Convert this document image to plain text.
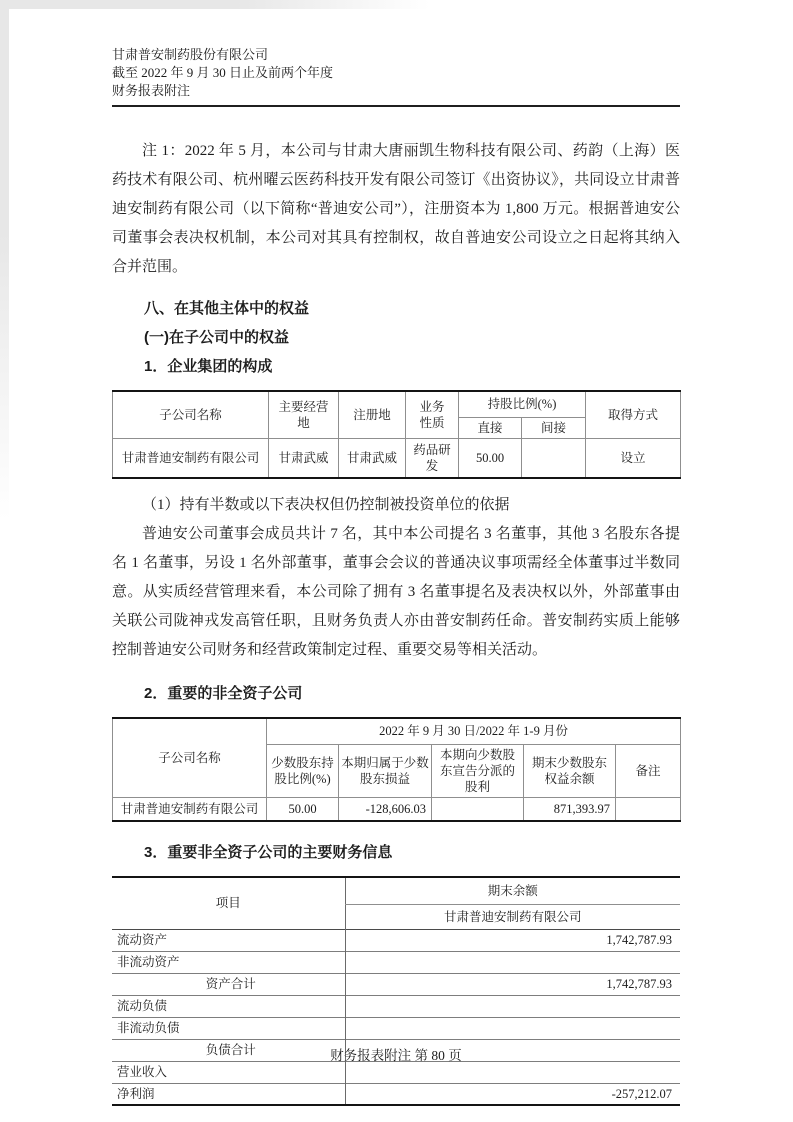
甘肃普安制药股份有限公司
截至 2022 年 9 月 30 日止及前两个年度
财务报表附注

注 1：2022 年 5 月，本公司与甘肃大唐丽凯生物科技有限公司、药韵（上海）医药技术有限公司、杭州曜云医药科技开发有限公司签订《出资协议》，共同设立甘肃普迪安制药有限公司（以下简称“普迪安公司”），注册资本为 1,800 万元。根据普迪安公司董事会表决权机制，本公司对其具有控制权，故自普迪安公司设立之日起将其纳入合并范围。

八、在其他主体中的权益
(一)在子公司中的权益
1．企业集团的构成
子公司名称	主要经营地	注册地	业务性质	持股比例(%)		取得方式
				直接	间接	
甘肃普迪安制药有限公司	甘肃武威	甘肃武威	药品研发	50.00		设立
（1）持有半数或以下表决权但仍控制被投资单位的依据

普迪安公司董事会成员共计 7 名，其中本公司提名 3 名董事，其他 3 名股东各提名 1 名董事，另设 1 名外部董事，董事会会议的普通决议事项需经全体董事过半数同意。从实质经营管理来看，本公司除了拥有 3 名董事提名及表决权以外，外部董事由关联公司陇神戎发高管任职，且财务负责人亦由普安制药任命。普安制药实质上能够控制普迪安公司财务和经营政策制定过程、重要交易等相关活动。

2．重要的非全资子公司
子公司名称	2022 年 9 月 30 日/2022 年 1-9 月份				
	少数股东持股比例(%)	本期归属于少数股东损益	本期向少数股东宣告分派的股利	期末少数股东权益余额	备注
甘肃普迪安制药有限公司	50.00	-128,606.03		871,393.97	
3．重要非全资子公司的主要财务信息
项目	期末余额
	甘肃普迪安制药有限公司
流动资产	1,742,787.93
非流动资产	
资产合计	1,742,787.93
流动负债	
非流动负债	
负债合计	
营业收入	
净利润	-257,212.07
财务报表附注 第 80 页
